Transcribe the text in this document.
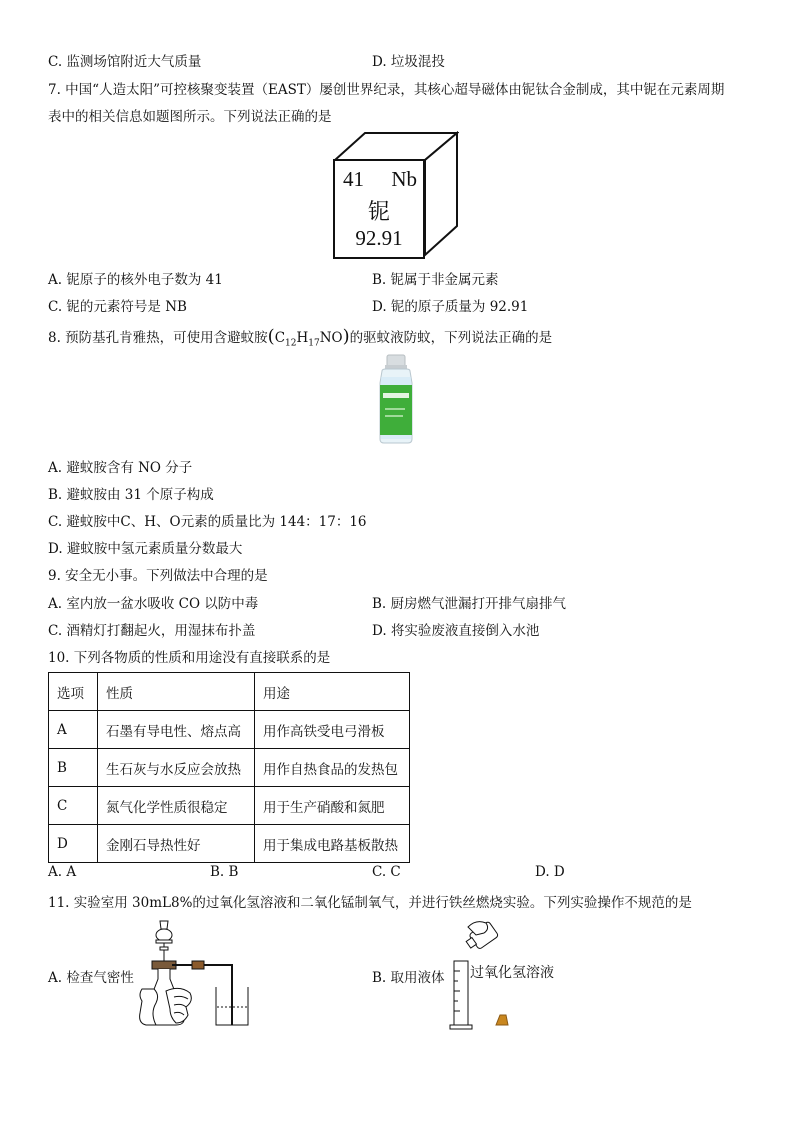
C. 监测场馆附近大气质量	D. 垃圾混投
7. 中国“人造太阳”可控核聚变装置（EAST）屡创世界纪录，其核心超导磁体由铌钛合金制成，其中铌在元素周期
表中的相关信息如题图所示。下列说法正确的是
41 Nb
铌
92.91
A. 铌原子的核外电子数为 41	B. 铌属于非金属元素
C. 铌的元素符号是 NB	D. 铌的原子质量为 92.91
8. 预防基孔肯雅热，可使用含避蚊胺$(C_{12}H_{17}NO)$的驱蚊液防蚊，下列说法正确的是
A. 避蚊胺含有 NO 分子
B. 避蚊胺由 31 个原子构成
C. 避蚊胺中C、H、O元素的质量比为 144：17：16
D. 避蚊胺中氢元素质量分数最大
9. 安全无小事。下列做法中合理的是
A. 室内放一盆水吸收 CO 以防中毒	B. 厨房燃气泄漏打开排气扇排气
C. 酒精灯打翻起火，用湿抹布扑盖	D. 将实验废液直接倒入水池
10. 下列各物质的性质和用途没有直接联系的是
选项	性质	用途
A	石墨有导电性、熔点高	用作高铁受电弓滑板
B	生石灰与水反应会放热	用作自热食品的发热包
C	氮气化学性质很稳定	用于生产硝酸和氮肥
D	金刚石导热性好	用于集成电路基板散热
A. A	B. B	C. C	D. D
11. 实验室用 30mL8%的过氧化氢溶液和二氧化锰制氧气，并进行铁丝燃烧实验。下列实验操作不规范的是
A. 检查气密性	B. 取用液体 过氧化氢溶液
